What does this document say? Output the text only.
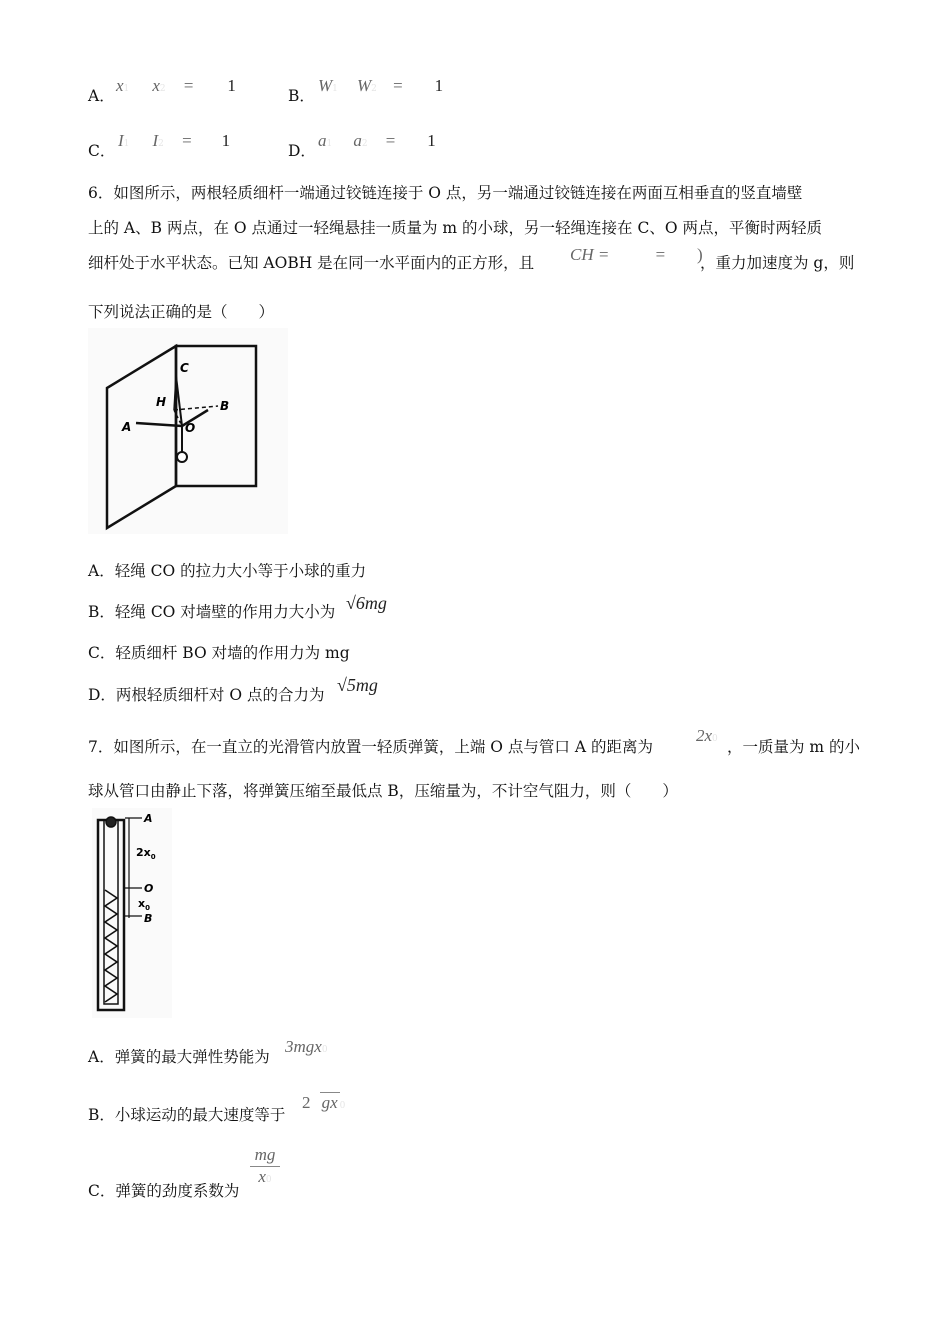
A．
x1 x2 = 1
B．
W1 W2 = 1
C．
I1 I2 = 1
D．
a1 a2 = 1
6．如图所示，两根轻质细杆一端通过铰链连接于 O 点，另一端通过铰链连接在两面互相垂直的竖直墙壁
上的 A、B 两点，在 O 点通过一轻绳悬挂一质量为 m 的小球，另一轻绳连接在 C、O 两点，平衡时两轻质
细杆处于水平状态。已知 AOBH 是在同一水平面内的正方形，且 CH =	= )
，重力加速度为 g，则
下列说法正确的是（　　）
C
H	B
A	O
A．轻绳 CO 的拉力大小等于小球的重力
B．轻绳 CO 对墙壁的作用力大小为 √6mg
C．轻质细杆 BO 对墙的作用力为 mg
D．两根轻质细杆对 O 点的合力为 √5mg
7．如图所示，在一直立的光滑管内放置一轻质弹簧，上端 O 点与管口 A 的距离为
2x0 ，一质量为 m 的小
球从管口由静止下落，将弹簧压缩至最低点 B，压缩量为，不计空气阻力，则（　　）
A
$2x_0$
O
$x_0$
B
A．弹簧的最大弹性势能为
3mgx0
B．小球运动的最大速度等于
2 gx 0
mg
x0
C．弹簧的劲度系数为
